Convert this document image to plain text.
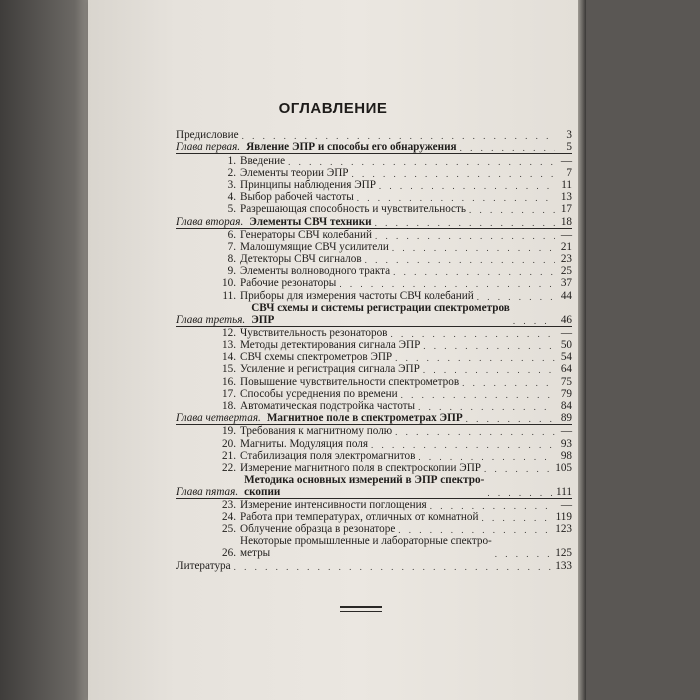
ОГЛАВЛЕНИЕ
Предисловие . . .	3
Глава первая. Явление ЭПР и способы его обнаружения . . .	5
1. Введение . . .	—
2. Элементы теории ЭПР . . .	7
3. Принципы наблюдения ЭПР . . .	11
4. Выбор рабочей частоты . . .	13
5. Разрешающая способность и чувствительность . . .	17
Глава вторая. Элементы СВЧ техники . . .	18
6. Генераторы СВЧ колебаний . . .	—
7. Малошумящие СВЧ усилители . . .	21
8. Детекторы СВЧ сигналов . . .	23
9. Элементы волноводного тракта . . .	25
10. Рабочие резонаторы . . .	37
11. Приборы для измерения частоты СВЧ колебаний . . .	44
Глава третья.
СВЧ схемы и системы регистрации спектрометров
ЭПР . . .	46
12. Чувствительность резонаторов . . .	—
13. Методы детектирования сигнала ЭПР . . .	50
14. СВЧ схемы спектрометров ЭПР . . .	54
15. Усиление и регистрация сигнала ЭПР . . .	64
16. Повышение чувствительности спектрометров . . .	75
17. Способы усреднения по времени . . .	79
18. Автоматическая подстройка частоты . . .	84
Глава четвертая. Магнитное поле в спектрометрах ЭПР . . .	89
19. Требования к магнитному полю . . .	—
20. Магниты. Модуляция поля . . .	93
21. Стабилизация поля электромагнитов . . .	98
22. Измерение магнитного поля в спектроскопии ЭПР . . .	105
Глава пятая.
Методика основных измерений в ЭПР спектро-
скопии . . .	111
23. Измерение интенсивности поглощения . . .	—
24. Работа при температурах, отличных от комнатной . . .	119
25. Облучение образца в резонаторе . . .	123
26.
Некоторые промышленные и лабораторные спектро-
метры . . .	125
Литература . . .	133
